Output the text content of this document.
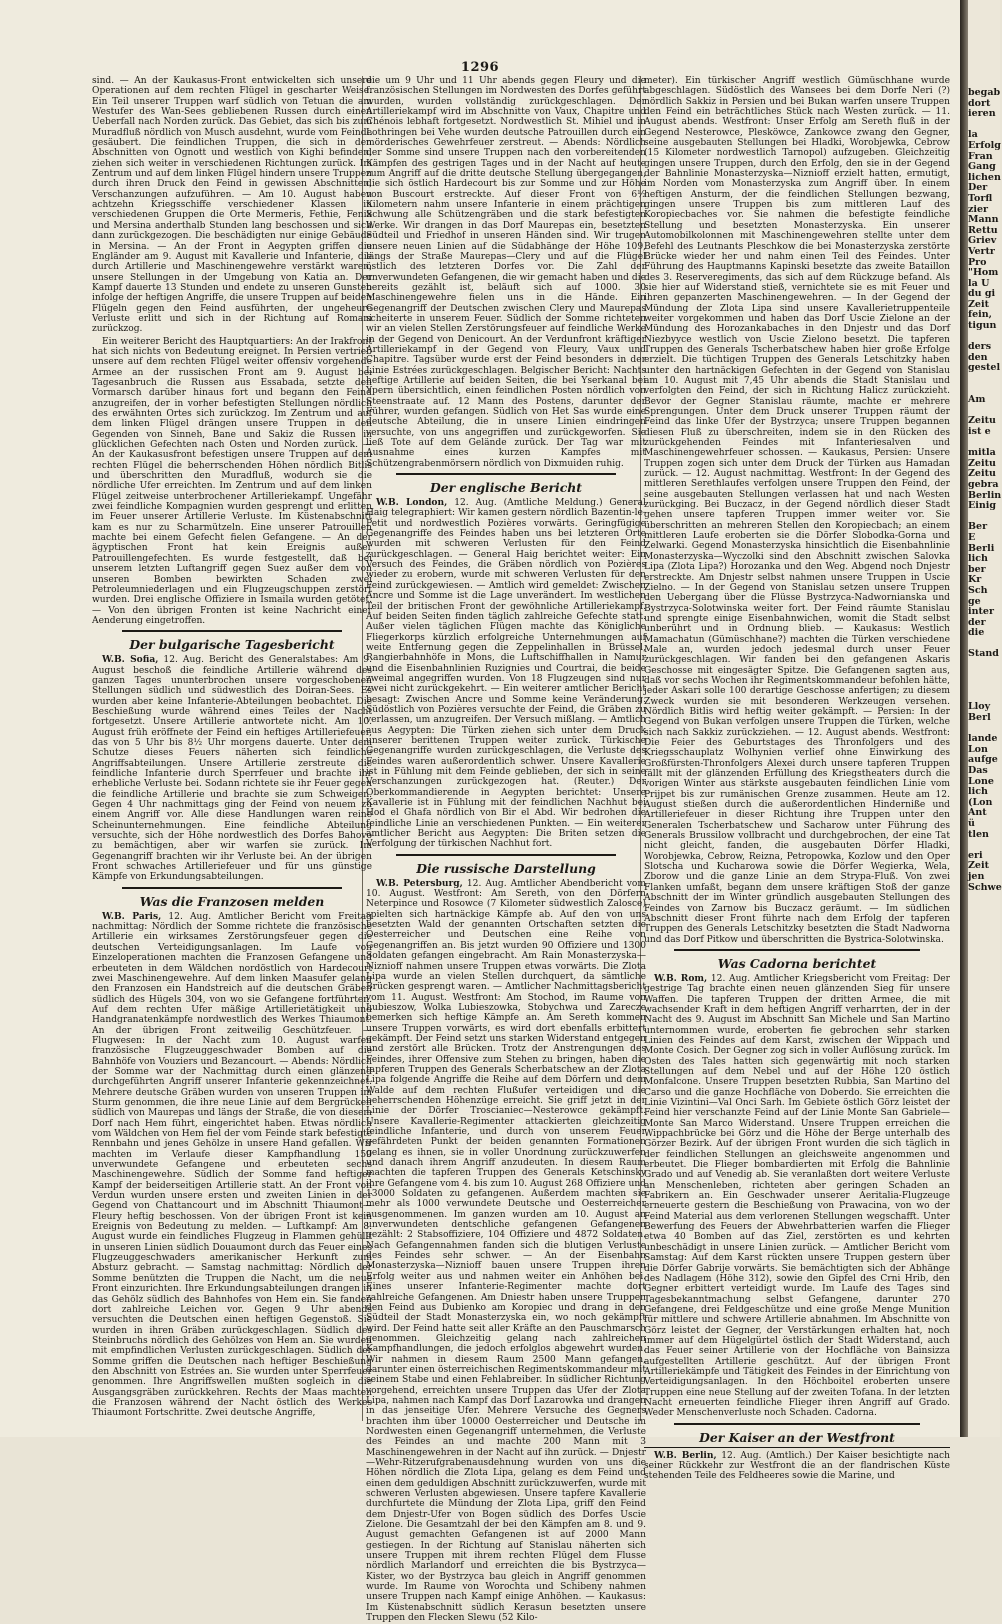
1296

sind. — An der Kaukasus-Front entwickelten sich unsere Operationen auf dem rechten Flügel in gescharter Weise. Ein Teil unserer Truppen warf südlich von Tetuan die am Westufer des Wan-Sees gebliebenen Russen durch einen Ueberfall nach Norden zurück. Das Gebiet, das sich bis zum Muradfluß nördlich von Musch ausdehnt, wurde vom Feinde gesäubert. Die feindlichen Truppen, die sich in den Abschnitten von Ognott und westlich von Kighi befinden, ziehen sich weiter in verschiedenen Richtungen zurück. Im Zentrum und auf dem linken Flügel hindern unsere Truppen durch ihren Druck den Feind in gewissen Abschnitten, Verschanzungen aufzuführen. — Am 10. August haben achtzehn Kriegsschiffe verschiedener Klassen in verschiedenen Gruppen die Orte Mermeris, Fethie, Fenik und Mersina anderthalb Stunden lang beschossen und sich dann zurückgezogen. Die beschädigten nur einige Gebäude in Mersina. — An der Front in Aegypten griffen die Engländer am 9. August mit Kavallerie und Infanterie, die durch Artillerie und Maschinengewehre verstärkt waren, unsere Stellungen in der Umgebung von Katia an. Der Kampf dauerte 13 Stunden und endete zu unseren Gunsten infolge der heftigen Angriffe, die unsere Truppen auf beiden Flügeln gegen den Feind ausführten, der ungeheure Verluste erlitt und sich in der Richtung auf Romani zurückzog.

Ein weiterer Bericht des Hauptquartiers: An der Irakfront hat sich nichts von Bedeutung ereignet. In Persien vertrieb unsere auf dem rechten Flügel weiter offensiv vorgehende Armee an der russischen Front am 9. August bei Tagesanbruch die Russen aus Essabada, setzte den Vormarsch darüber hinaus fort und begann den Feind anzugreifen, der in vorher befestigten Stellungen nördlich des erwähnten Ortes sich zurückzog. Im Zentrum und auf dem linken Flügel drängen unsere Truppen in den Gegenden von Sinneh, Bane und Sakiz die Russen in glücklichen Gefechten nach Osten und Norden zurück. — An der Kaukasusfront befestigen unsere Truppen auf dem rechten Flügel die beherrschenden Höhen nördlich Bitlis und überschritten den Muradfluß, wodurch sie die nördliche Ufer erreichten. Im Zentrum und auf dem linken Flügel zeitweise unterbrochener Artilleriekampf. Ungefähr zwei feindliche Kompagnien wurden gesprengt und erlitten im Feuer unserer Artillerie Verluste. Im Küstenabschnitt kam es nur zu Scharmützeln. Eine unserer Patrouillen machte bei einem Gefecht fielen Gefangene. — An der ägyptischen Front hat kein Ereignis außer Patrouillengefechten. Es wurde festgestellt, daß bei unserem letzten Luftangriff gegen Suez außer dem von unseren Bomben bewirkten Schaden zwei Petroleumniederlagen und ein Flugzeugschuppen zerstört wurden. Drei englische Offiziere in Ismaila wurden getötet. — Von den übrigen Fronten ist keine Nachricht einer Aenderung eingetroffen.

Der bulgarische Tagesbericht

W.B. Sofia, 12. Aug. Bericht des Generalstabes: Am 9. August beschoß die feindliche Artillerie während des ganzen Tages ununterbrochen unsere vorgeschobenen Stellungen südlich und südwestlich des Doiran-Sees. Es wurden aber keine Infanterie-Abteilungen beobachtet. Die Beschießung wurde während eines Teiles der Nacht fortgesetzt. Unsere Artillerie antwortete nicht. Am 10. August früh eröffnete der Feind ein heftiges Artilleriefeuer, das von 5 Uhr bis 8½ Uhr morgens dauerte. Unter dem Schutze dieses Feuers näherten sich feindliche Angriffsabteilungen. Unsere Artillerie zerstreute die feindliche Infanterie durch Sperrfeuer und brachte ihr erhebliche Verluste bei. Sodann richtete sie ihr Feuer gegen die feindliche Artillerie und brachte sie zum Schweigen. Gegen 4 Uhr nachmittags ging der Feind von neuem zu einem Angriff vor. Alle diese Handlungen waren reine Scheinunternehmungen. Eine feindliche Abteilung versuchte, sich der Höhe nordwestlich des Dorfes Bahovo zu bemächtigen, aber wir warfen sie zurück. Im Gegenangriff brachten wir ihr Verluste bei. An der übrigen Front schwaches Artilleriefeuer und für uns günstige Kämpfe von Erkundungsabteilungen.

Was die Franzosen melden

W.B. Paris, 12. Aug. Amtlicher Bericht vom Freitag nachmittag: Nördlich der Somme richtete die französische Artillerie ein wirksames Zerstörungsfeuer gegen die deutschen Verteidigungsanlagen. Im Laufe von Einzeloperationen machten die Franzosen Gefangene und erbeuteten in dem Wäldchen nordöstlich von Hardecourt zwei Maschinengewehre. Auf dem linken Maasufer gelang den Franzosen ein Handstreich auf die deutschen Gräben südlich des Hügels 304, von wo sie Gefangene fortführten. Auf dem rechten Ufer mäßige Artillerietätigkeit und Handgranatenkämpfe nordwestlich des Werkes Thiaumont. An der übrigen Front zeitweilig Geschützfeuer. — Flugwesen: In der Nacht zum 10. August warfen französische Flugzeuggeschwader Bomben auf die Bahnhöfe von Vouziers und Bezancourt. — Abends: Nördlich der Somme war der Nachmittag durch einen glänzend durchgeführten Angriff unserer Infanterie gekennzeichnet. Mehrere deutsche Gräben wurden von unseren Truppen im Sturm genommen, die ihre neue Linie auf dem Bergrücken südlich von Maurepas und längs der Straße, die von diesem Dorf nach Hem führt, eingerichtet haben. Etwas nördlich vom Wäldchen von Hem fiel der vom Feinde stark befestigte Rennbahn und jenes Gehölze in unsere Hand gefallen. Wir machten im Verlaufe dieser Kampfhandlung 150 unverwundete Gefangene und erbeuteten sechs Maschinengewehre. Südlich der Somme fand heftiger Kampf der beiderseitigen Artillerie statt. An der Front von Verdun wurden unsere ersten und zweiten Linien in der Gegend von Chattancourt und im Abschnitt Thiaumont—Fleury heftig beschossen. Von der übrigen Front ist kein Ereignis von Bedeutung zu melden. — Luftkampf: Am 8. August wurde ein feindliches Flugzeug in Flammen gehüllt in unseren Linien südlich Douaumont durch das Feuer eines Flugzeuggeschwaders amerikanischer Herkunft zum Absturz gebracht. — Samstag nachmittag: Nördlich der Somme benützten die Truppen die Nacht, um die neue Front einzurichten. Ihre Erkundungsabteilungen drangen in das Gehölz südlich des Bahnhofes von Hem ein. Sie fanden dort zahlreiche Leichen vor. Gegen 9 Uhr abends versuchten die Deutschen einen heftigen Gegenstoß. Sie wurden in ihren Gräben zurückgeschlagen. Südlich des Steinbruchs nördlich des Gehölzes von Hem an. Sie wurden mit empfindlichen Verlusten zurückgeschlagen. Südlich der Somme griffen die Deutschen nach heftiger Beschießung den Abschnitt von Estrées an. Sie wurden unter Sperrfeuer genommen. Ihre Angriffswellen mußten sogleich in die Ausgangsgräben zurückkehren. Rechts der Maas machten die Franzosen während der Nacht östlich des Werkes Thiaumont Fortschritte. Zwei deutsche Angriffe,

die um 9 Uhr und 11 Uhr abends gegen Fleury und die französischen Stellungen im Nordwesten des Dorfes geführt wurden, wurden vollständig zurückgeschlagen. Der Artilleriekampf wird im Abschnitte von Vaux, Chapitre und Chénois lebhaft fortgesetzt. Nordwestlich St. Mihiel und in Lothringen bei Vehe wurden deutsche Patrouillen durch ein mörderisches Gewehrfeuer zerstreut. — Abends: Nördlich der Somme sind unsere Truppen nach den vorbereitenden Kämpfen des gestrigen Tages und in der Nacht auf heute zum Angriff auf die dritte deutsche Stellung übergegangen, die sich östlich Hardecourt bis zur Somme und zur Höhe von Buscourt erstreckte. Auf dieser Front von 6½ Kilometern nahm unsere Infanterie in einem prächtigen Schwung alle Schützengräben und die stark befestigten Werke. Wir drangen in das Dorf Maurepas ein, besetzten Südteil und Friedhof in unseren Händen sind. Wir trugen unsere neuen Linien auf die Südabhänge der Höhe 109, längs der Straße Maurepas—Clery und auf die Flügel östlich des letzteren Dorfes vor. Die Zahl der unverwundeten Gefangenen, die wir gemacht haben und die bereits gezählt ist, beläuft sich auf 1000. 30 Maschinengewehre fielen uns in die Hände. Ein Gegenangriff der Deutschen zwischen Clery und Maurepas scheiterte in unserem Feuer. Südlich der Somme richteten wir an vielen Stellen Zerstörungsfeuer auf feindliche Werke in der Gegend von Denicourt. An der Verdunfront kräftiger Artilleriekampf in der Gegend von Fleury, Vaux und Chapitre. Tagsüber wurde erst der Feind besonders in der Linie Estrées zurückgeschlagen. Belgischer Bericht: Nachts heftige Artillerie auf beiden Seiten, die bei Yserkanal bei Ypern übersichtlich, einen feindlichen Posten nördlich von Steenstraate auf. 12 Mann des Postens, darunter der Führer, wurden gefangen. Südlich von Het Sas wurde eine deutsche Abteilung, die in unsere Linien eindringen versuchte, von uns angegriffen und zurückgeworfen. Sie ließ Tote auf dem Gelände zurück. Der Tag war mit Ausnahme eines kurzen Kampfes mit Schützengrabenmörsern nördlich von Dixmuiden ruhig.

Der englische Bericht

W.B. London, 12. Aug. (Amtliche Meldung.) General Haig telegraphiert: Wir kamen gestern nördlich Bazentin-le-Petit und nordwestlich Pozières vorwärts. Geringfügige Gegenangriffe des Feindes haben uns bei letzteren Orte wurden mit schweren Verlusten für den Feind zurückgeschlagen. — General Haig berichtet weiter: Ein Versuch des Feindes, die Gräben nördlich von Pozières wieder zu erobern, wurde mit schweren Verlusten für den Feind zurückgewiesen. — Amtlich wird gemeldet: Zwischen Ancre und Somme ist die Lage unverändert. Im westlichen Teil der britischen Front der gewöhnliche Artilleriekampf. Auf beiden Seiten finden täglich zahlreiche Gefechte statt. Außer vielen täglichen Flügen machte das Königliche Fliegerkorps kürzlich erfolgreiche Unternehmungen auf weite Entfernung gegen die Zeppelinhallen in Brüssel, Rangierbahnhöfe in Mons, die Luftschiffhallen in Namur und die Eisenbahnlinien Ruzignies und Courtrai, die beide zweimal angegriffen wurden. Von 18 Flugzeugen sind nur zwei nicht zurückgekehrt. — Ein weiterer amtlicher Bericht besagt: Zwischen Ancre und Somme keine Veränderung. Südöstlich von Pozières versuchte der Feind, die Gräben zu verlassen, um anzugreifen. Der Versuch mißlang. — Amtlich aus Aegypten: Die Türken ziehen sich unter dem Druck unserer berittenen Truppen weiter zurück. Türkische Gegenangriffe wurden zurückgeschlagen, die Verluste des Feindes waren außerordentlich schwer. Unsere Kavallerie ist in Fühlung mit dem Feinde geblieben, der sich in seine Verschanzungen zurückgezogen hat. (Reuter.) Der Oberkommandierende in Aegypten berichtet: Unsere Kavallerie ist in Fühlung mit der feindlichen Nachhut bei Hod el Ghafa nördlich von Bir el Abd. Wir bedrohen die feindliche Linie an verschiedenen Punkten. — Ein weiterer amtlicher Bericht aus Aegypten: Die Briten setzen die Verfolgung der türkischen Nachhut fort.

Die russische Darstellung

W.B. Petersburg, 12. Aug. Amtlicher Abendbericht vom 10. August. Westfront: Am Sereth, von den Dörfern Neterpince und Rosowce (7 Kilometer südwestlich Zalosce) spielten sich hartnäckige Kämpfe ab. Auf den von uns besetzten Wald der genannten Ortschaften setzten die Oesterreicher und Deutschen eine Reihe von Gegenangriffen an. Bis jetzt wurden 90 Offiziere und 1300 Soldaten gefangen eingebracht. Am Rain Monasterzyska—Niznioff nahmen unsere Truppen etwas vorwärts. Die Zlota Lipa wurde an vielen Stellen durchquert, da sämtliche Brücken gesprengt waren. — Amtlicher Nachmittagsbericht vom 11. August. Westfront: Am Stochod, im Raume von Lubieszow, Wolka Lubieszowka, Stobychwa und Zarecze bemerken sich heftige Kämpfe an. Am Sereth kommen unsere Truppen vorwärts, es wird dort ebenfalls erbittert gekämpft. Der Feind setzt uns starken Widerstand entgegen und zerstört alle Brücken. Trotz der Anstrengungen des Feindes, ihrer Offensive zum Stehen zu bringen, haben die tapferen Truppen des Generals Scherbatschew an der Zlota Lipa folgende Angriffe die Reihe auf dem Dörfern und dem Walde auf dem rechten Flußufer verteidigen und die beherrschenden Höhenzüge erreicht. Sie griff jetzt in der Linie der Dörfer Troscianiec—Nesterowce gekämpft. Unsere Kavallerie-Regimenter attackierten gleichzeitig feindliche Infanterie, und durch von unserem Feuer gefährdeten Punkt der beiden genannten Formationen gelang es ihnen, sie in voller Unordnung zurückzuwerfen und danach ihrem Angriff anzudeuten. In diesem Raum machten die tapferen Truppen des Generals Ketschinsky ihre Gefangene vom 4. bis zum 10. August 268 Offiziere und 13000 Soldaten zu gefangenen. Außerdem machten sie mehr als 1000 verwundete Deutsche und Oesterreicher ausgenommenen. Im ganzen wurden am 10. August an unverwundeten dentschliche gefangenen Gefangenen gezählt: 2 Stabsoffiziere, 104 Offiziere und 4872 Soldaten. Nach Gefangennahmen fanden sich die blutigen Verluste des Feindes sehr schwer. — An der Eisenbahn Monasterzyska—Niznioff bauen unsere Truppen ihren Erfolg weiter aus und nahmen weiter ein Anhöhen bei. Eines unserer Infanterie-Regimenter machte dort zahlreiche Gefangenen. Am Dniestr haben unsere Truppen den Feind aus Dubienko am Koropiec und drang in den Südteil der Stadt Monasterzyska ein, wo noch gekämpft wird. Der Feind hatte seit aller Kräfte an den Pauschmarsch genommen. Gleichzeitig gelang nach zahlreichen Kampfhandlungen, die jedoch erfolglos abgewehrt wurden. Wir nahmen in diesem Raum 2500 Mann gefangen, darunter einen österreichischen Regimentskommandeur mit seinem Stabe und einen Fehlabreiber. In südlicher Richtung vorgehend, erreichten unsere Truppen das Ufer der Zlota Lipa, nahmen nach Kampf das Dorf Lazarowka und drangen in das jenseitige Ufer. Mehrere Versuche des Gegners brachten ihm über 10000 Oesterreicher und Deutsche im Nordwesten einen Gegenangriff unternehmen, die Verluste des Feindes an und machte 200 Mann mit 3 Maschinengewehren in der Nacht auf ihn zurück. — Dnjestr—Wehr-Ritzerufgrabenausdehnung wurden von uns die Höhen nördlich die Zlota Lipa, gelang es dem Feind und einen dem geduldigen Abschnitt zurückzuwerfen, wurde mit schweren Verlusten abgewiesen. Unsere tapfere Kavallerie durchfurtete die Mündung der Zlota Lipa, griff den Feind dem Dnjestr-Ufer von Bogen südlich des Dorfes Uscie Zielone. Die Gesamtzahl der bei den Kämpfen am 8. und 9. August gemachten Gefangenen ist auf 2000 Mann gestiegen. In der Richtung auf Stanislau näherten sich unsere Truppen mit ihrem rechten Flügel dem Flusse nördlich Marlandorf und erreichten die bis Bystrzyca—Kister, wo der Bystrzyca bau gleich in Angriff genommen wurde. Im Raume von Worochta und Schibeny nahmen unsere Truppen nach Kampf einige Anhöhen. — Kaukasus: Im Küstenabschnitt südlich Kerasun besetzten unsere Truppen den Flecken Slewu (52 Kilo-

meter). Ein türkischer Angriff westlich Gümüschhane wurde abgeschlagen. Südöstlich des Wansees bei dem Dorfe Neri (?) nördlich Sakkiz in Persien und bei Bukan warfen unsere Truppen den Feind ein beträchtliches Stück nach Westen zurück. — 11. August abends. Westfront: Unser Erfolg am Sereth fluß in der Gegend Nesterowce, Plesköwce, Zankowce zwang den Gegner, seine ausgebauten Stellungen bei Hladki, Worobjewka, Cebrow (15 Kilometer nordwestlich Tarnopol) aufzugeben. Gleichzeitig gingen unsere Truppen, durch den Erfolg, den sie in der Gegend der Bahnlinie Monasterzyska—Niznioff erzielt hatten, ermutigt, im Norden vom Monasterzyska zum Angriff über. In einem heftigen Ansturm, der die feindlichen Stellungen bezwang, gingen unsere Truppen bis zum mittleren Lauf des Koropiecbaches vor. Sie nahmen die befestigte feindliche Stellung und besetzten Monasterzyska. Ein unserer Automobilkolonnen mit Maschinengewehren stellte unter dem Befehl des Leutnants Pleschkow die bei Monasterzyska zerstörte Brücke wieder her und nahm einen Teil des Feindes. Unter Führung des Hauptmanns Kapinski besetzte das zweite Bataillon des 3. Reserveregiments, das sich auf dem Rückzuge befand. Als sie hier auf Widerstand stieß, vernichtete sie es mit Feuer und ihren gepanzerten Maschinengewehren. — In der Gegend der Mündung der Zlota Lipa sind unsere Kavallerietruppenteile weiter vorgekommen und haben das Dorf Uscie Zielone an der Mündung des Horozankabaches in den Dnjestr und das Dorf Niezbyyce westlich von Uscie Zielono besetzt. Die tapferen Truppen des Generals Tscherbatschew haben hier große Erfolge erzielt. Die tüchtigen Truppen des Generals Letschitzky haben unter den hartnäckigen Gefechten in der Gegend von Stanislau am 10. August mit 7,45 Uhr abends die Stadt Stanislau und verfolgten den Feind, der sich in Richtung Halicz zurückzieht. Bevor der Gegner Stanislau räumte, machte er mehrere Sprengungen. Unter dem Druck unserer Truppen räumt der Feind das linke Ufer der Bystrzyca; unsere Truppen begannen diesen Fluß zu überschreiten, indem sie in den Rücken des zurückgehenden Feindes mit Infanteriesalven und Maschinengewehrfeuer schossen. — Kaukasus, Persien: Unsere Truppen zogen sich unter dem Druck der Türken aus Hamadan zurück. — 12. August nachmittag. Westfront: In der Gegend des mittleren Serethlaufes verfolgen unsere Truppen den Feind, der seine ausgebauten Stellungen verlassen hat und nach Westen zurückging. Bei Buczacz, in der Gegend nördlich dieser Stadt gehen unsere tapferen Truppen immer weiter vor. Sie überschritten an mehreren Stellen den Koropiecbach; an einem mittleren Laufe eroberten sie die Dörfer Slobodka-Gorna und Zelwarki. Gegend Monasterzyska hinsichtlich die Eisenbahnlinie Monasterzyska—Wyczolki sind den Abschnitt zwischen Salovka Lipa (Zlota Lipa?) Horozanka und den Weg. Abgend noch Dnjestr erstreckte. Am Dnjestr selbst nahmen unsere Truppen in Uscie Zielno. — In der Gegend von Stanislau setzen unsere Truppen den Uebergang über die Flüsse Bystrzyca-Nadwornianska und Bystrzyca-Solotwinska weiter fort. Der Feind räumte Stanislau und sprengte einige Eisenbahnwichen, womit die Stadt selbst unberührt und in Ordnung blieb. — Kaukasus: Westlich Mamachatun (Gümüschhane?) machten die Türken verschiedene Male an, wurden jedoch jedesmal durch unser Feuer zurückgeschlagen. Wir fanden bei den gefangenen Askaris Geschosse mit eingesägter Spitze. Die Gefangenen sagten aus, daß vor sechs Wochen ihr Regimentskommandeur befohlen hätte, jeder Askari solle 100 derartige Geschosse anfertigen; zu diesem Zweck wurden sie mit besonderen Werkzeugen versehen. Nördlich Bitlis wird heftig weiter gekämpft. — Persien: In der Gegend von Bukan verfolgen unsere Truppen die Türken, welche sich nach Sakkiz zurückziehen. — 12. August abends. Westfront: Die Feier des Geburtstages des Thronfolgers und des Kriegsschauplatz Wolhynien verlief ohne Einwirkung des Großfürsten-Thronfolgers Alexei durch unsere tapferen Truppen fällt mit der glänzenden Erfüllung des Kriegstheaters durch die vorigen Winter aus stärkste ausgebauten feindlichen Linie vom Prijpet bis zur rumänischen Grenze zusammen. Heute am 12. August stießen durch die außerordentlichen Hinderniße und Artilleriefeuer in dieser Richtung ihre Truppen unter den Generalen Tscherbatschew und Sacharow unter Führung des Generals Brussilow vollbracht und durchgebrochen, der eine Tat nicht gleicht, fanden, die ausgebauten Dörfer Hladki, Worobjewka, Cebrow, Reizna, Petropowka, Kozlow und den Oper Slotscha und Kucharowa sowie die Dörfer Wegierka, Wela, Zborow und die ganze Linie an dem Strypa-Fluß. Von zwei Flanken umfaßt, begann dem unsere kräftigen Stoß der ganze Abschnitt der im Winter gründlich ausgebauten Stellungen des Feindes von Zarnow bis Buczacz geräumt. — Im südlichen Abschnitt dieser Front führte nach dem Erfolg der tapferen Truppen des Generals Letschitzky besetzten die Stadt Nadworna und das Dorf Pitkow und überschritten die Bystrica-Solotwinska.

Was Cadorna berichtet

W.B. Rom, 12. Aug. Amtlicher Kriegsbericht vom Freitag: Der gestrige Tag brachte einen neuen glänzenden Sieg für unsere Waffen. Die tapferen Truppen der dritten Armee, die mit wachsender Kraft in dem heftigen Angriff verharrten, der in der Nacht des 9. August im Abschnitt San Michele und San Martino unternommen wurde, eroberten fie gebrochen sehr starken Linien des Feindes auf dem Karst, zwischen der Wippach und Monte Cosich. Der Gegner zog sich in voller Auflösung zurück. Im Osten des Tales hatten sich gegenwärtig mit noch starken Stellungen auf dem Nebel und auf der Höhe 120 östlich Monfalcone. Unsere Truppen besetzten Rubbia, San Martino del Carso und die ganze Hochfläche von Doberdo. Sie erreichten die Linie Vizintini—Val Onci Sarh. Im Gebiete östlich Görz leistet der Feind hier verschanzte Feind auf der Linie Monte San Gabriele—Monte San Marco Widerstand. Unsere Truppen erreichen die Wippachbrücke bei Görz und die Höhe der Berge unterhalb des Görzer Bezirk. Auf der übrigen Front wurden die sich täglich in der feindlichen Stellungen an gleichsweite angenommen und erbeutet. Die Flieger bombardierten mit Erfolg die Bahnlinie Grado und auf Venedig ab. Sie veranlaßten dort weitere Verluste an Menschenleben, richteten aber geringen Schaden an Fabrikern an. Ein Geschwader unserer Aeritalia-Flugzeuge erneuerte gestern die Beschießung von Prawacina, von wo der Feind Material aus dem verlorenen Stellungen wegschafft. Unter Bewerfung des Feuers der Abwehrbatterien warfen die Flieger etwa 40 Bomben auf das Ziel, zerstörten es und kehrten unbeschädigt in unsere Linien zurück. — Amtlicher Bericht vom Samstag: Auf dem Karst rückten unsere Truppen gestern über die Dörfer Gabrije vorwärts. Sie bemächtigten sich der Abhänge des Nadlagem (Höhe 312), sowie den Gipfel des Crni Hrib, den Gegner erbittert verteidigt wurde. Im Laufe des Tages sind Tagesbekanntmachung selbst Gefangene, darunter 270 Gefangene, drei Feldgeschütze und eine große Menge Munition für mittlere und schwere Artillerie abnahmen. Im Abschnitte von Görz leistet der Gegner, der Verstärkungen erhalten hat, noch immer auf dem Hügelgürtel östlich der Stadt Widerstand, auch das Feuer seiner Artillerie von der Hochfläche von Bainsizza aufgestellten Artillerie geschützt. Auf der übrigen Front Artilleriekämpfe und Tätigkeit des Feindes in der Einrichtung von Verteidigungsanlagen. In den Höchboitel eroberten unsere Truppen eine neue Stellung auf der zweiten Tofana. In der letzten Nacht erneuerten feindliche Flieger ihren Angriff auf Grado. Weder Menschenverluste noch Schaden. Cadorna.

Der Kaiser an der Westfront

W.B. Berlin, 12. Aug. (Amtlich.) Der Kaiser besichtigte nach seiner Rückkehr zur Westfront die an der flandrischen Küste stehenden Teile des Feldheeres sowie die Marine, und

begab
dort
ieren

la
Erfolg
Fran
Gang
lichen
Der
Torfl
zier
Mann
Rettu
Griev
Vertr
Pro
"Hom
la U
du gi
Zeit
fein,
tigun

ders
den
gestel

Am

Zeitu
ist e

mitla
Zeitu
Zeitu
gebra
Berlin
Einig

Ber
E
Berli
lich
ber
Kr
Sch
ge
inter
der
die

Stand

Lloy
Berl

lande
Lon
aufge
Das
Lone
lich
(Lon
Ant
ü
tlen

eri
Zeit
jen
Schwe
